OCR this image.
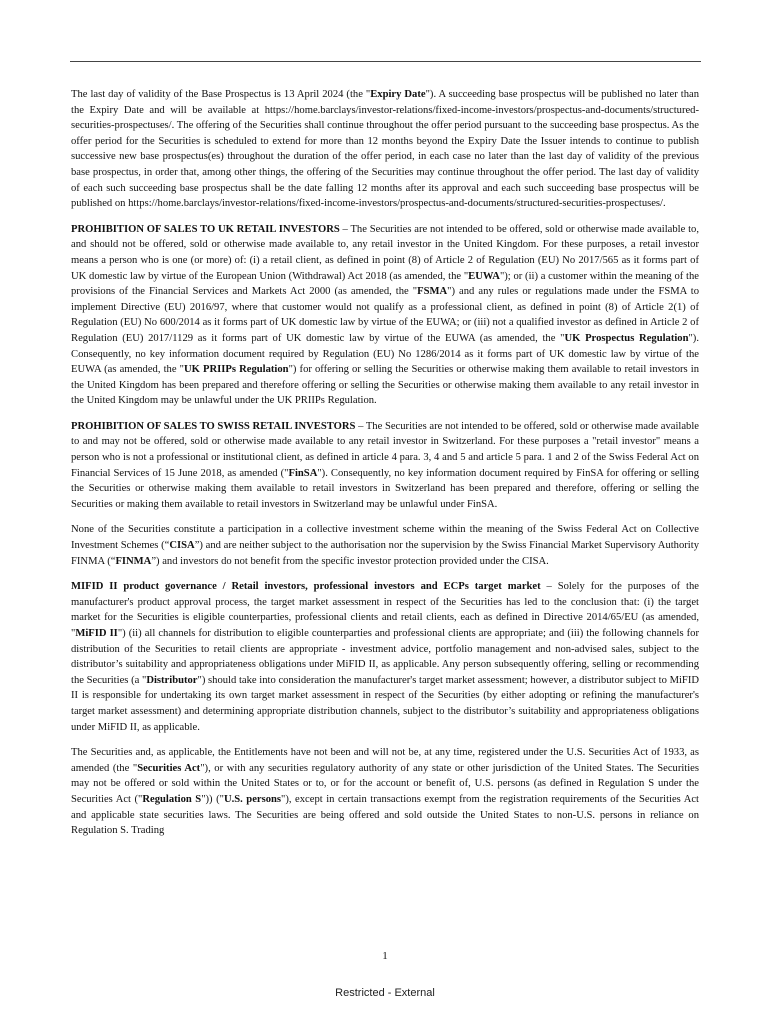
The last day of validity of the Base Prospectus is 13 April 2024 (the "Expiry Date"). A succeeding base prospectus will be published no later than the Expiry Date and will be available at https://home.barclays/investor-relations/fixed-income-investors/prospectus-and-documents/structured-securities-prospectuses/. The offering of the Securities shall continue throughout the offer period pursuant to the succeeding base prospectus. As the offer period for the Securities is scheduled to extend for more than 12 months beyond the Expiry Date the Issuer intends to continue to publish successive new base prospectus(es) throughout the duration of the offer period, in each case no later than the last day of validity of the previous base prospectus, in order that, among other things, the offering of the Securities may continue throughout the offer period. The last day of validity of each such succeeding base prospectus shall be the date falling 12 months after its approval and each such succeeding base prospectus will be published on https://home.barclays/investor-relations/fixed-income-investors/prospectus-and-documents/structured-securities-prospectuses/.

PROHIBITION OF SALES TO UK RETAIL INVESTORS – The Securities are not intended to be offered, sold or otherwise made available to, and should not be offered, sold or otherwise made available to, any retail investor in the United Kingdom. For these purposes, a retail investor means a person who is one (or more) of: (i) a retail client, as defined in point (8) of Article 2 of Regulation (EU) No 2017/565 as it forms part of UK domestic law by virtue of the European Union (Withdrawal) Act 2018 (as amended, the "EUWA"); or (ii) a customer within the meaning of the provisions of the Financial Services and Markets Act 2000 (as amended, the "FSMA") and any rules or regulations made under the FSMA to implement Directive (EU) 2016/97, where that customer would not qualify as a professional client, as defined in point (8) of Article 2(1) of Regulation (EU) No 600/2014 as it forms part of UK domestic law by virtue of the EUWA; or (iii) not a qualified investor as defined in Article 2 of Regulation (EU) 2017/1129 as it forms part of UK domestic law by virtue of the EUWA (as amended, the "UK Prospectus Regulation"). Consequently, no key information document required by Regulation (EU) No 1286/2014 as it forms part of UK domestic law by virtue of the EUWA (as amended, the "UK PRIIPs Regulation") for offering or selling the Securities or otherwise making them available to retail investors in the United Kingdom has been prepared and therefore offering or selling the Securities or otherwise making them available to any retail investor in the United Kingdom may be unlawful under the UK PRIIPs Regulation.

PROHIBITION OF SALES TO SWISS RETAIL INVESTORS – The Securities are not intended to be offered, sold or otherwise made available to and may not be offered, sold or otherwise made available to any retail investor in Switzerland. For these purposes a "retail investor" means a person who is not a professional or institutional client, as defined in article 4 para. 3, 4 and 5 and article 5 para. 1 and 2 of the Swiss Federal Act on Financial Services of 15 June 2018, as amended ("FinSA"). Consequently, no key information document required by FinSA for offering or selling the Securities or otherwise making them available to retail investors in Switzerland has been prepared and therefore, offering or selling the Securities or making them available to retail investors in Switzerland may be unlawful under FinSA.

None of the Securities constitute a participation in a collective investment scheme within the meaning of the Swiss Federal Act on Collective Investment Schemes (“CISA”) and are neither subject to the authorisation nor the supervision by the Swiss Financial Market Supervisory Authority FINMA (“FINMA”) and investors do not benefit from the specific investor protection provided under the CISA.

MIFID II product governance / Retail investors, professional investors and ECPs target market – Solely for the purposes of the manufacturer's product approval process, the target market assessment in respect of the Securities has led to the conclusion that: (i) the target market for the Securities is eligible counterparties, professional clients and retail clients, each as defined in Directive 2014/65/EU (as amended, "MiFID II") (ii) all channels for distribution to eligible counterparties and professional clients are appropriate; and (iii) the following channels for distribution of the Securities to retail clients are appropriate - investment advice, portfolio management and non-advised sales, subject to the distributor’s suitability and appropriateness obligations under MiFID II, as applicable. Any person subsequently offering, selling or recommending the Securities (a "Distributor") should take into consideration the manufacturer's target market assessment; however, a distributor subject to MiFID II is responsible for undertaking its own target market assessment in respect of the Securities (by either adopting or refining the manufacturer's target market assessment) and determining appropriate distribution channels, subject to the distributor’s suitability and appropriateness obligations under MiFID II, as applicable.

The Securities and, as applicable, the Entitlements have not been and will not be, at any time, registered under the U.S. Securities Act of 1933, as amended (the "Securities Act"), or with any securities regulatory authority of any state or other jurisdiction of the United States. The Securities may not be offered or sold within the United States or to, or for the account or benefit of, U.S. persons (as defined in Regulation S under the Securities Act ("Regulation S")) ("U.S. persons"), except in certain transactions exempt from the registration requirements of the Securities Act and applicable state securities laws. The Securities are being offered and sold outside the United States to non-U.S. persons in reliance on Regulation S. Trading

1
Restricted - External
